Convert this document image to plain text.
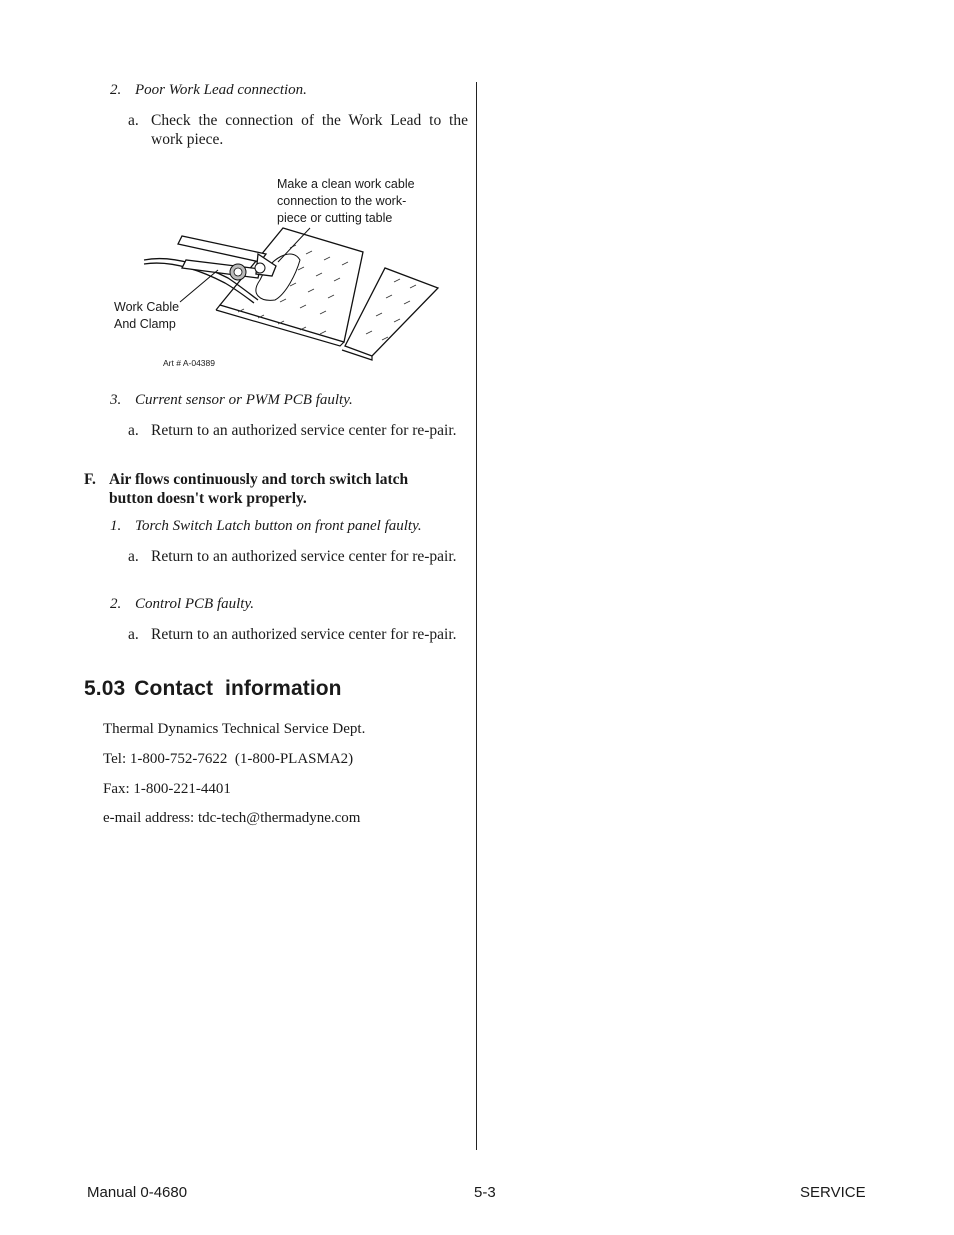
2. Poor Work Lead connection.
a. Check the connection of the Work Lead to the work piece.
Make a clean work cable
connection to the work-
piece or cutting table
Work Cable
And Clamp
Art # A-04389
3. Current sensor or PWM PCB faulty.
a. Return to an authorized service center for re-pair.
F. Air flows continuously and torch switch latch
button doesn't work properly.
1. Torch Switch Latch button on front panel faulty.
a. Return to an authorized service center for re-pair.
2. Control PCB faulty.
a. Return to an authorized service center for re-pair.
5.03 Contact  information
Thermal Dynamics Technical Service Dept.
Tel: 1-800-752-7622  (1-800-PLASMA2)
Fax: 1-800-221-4401
e-mail address: tdc-tech@thermadyne.com
Manual 0-4680	5-3	SERVICE
